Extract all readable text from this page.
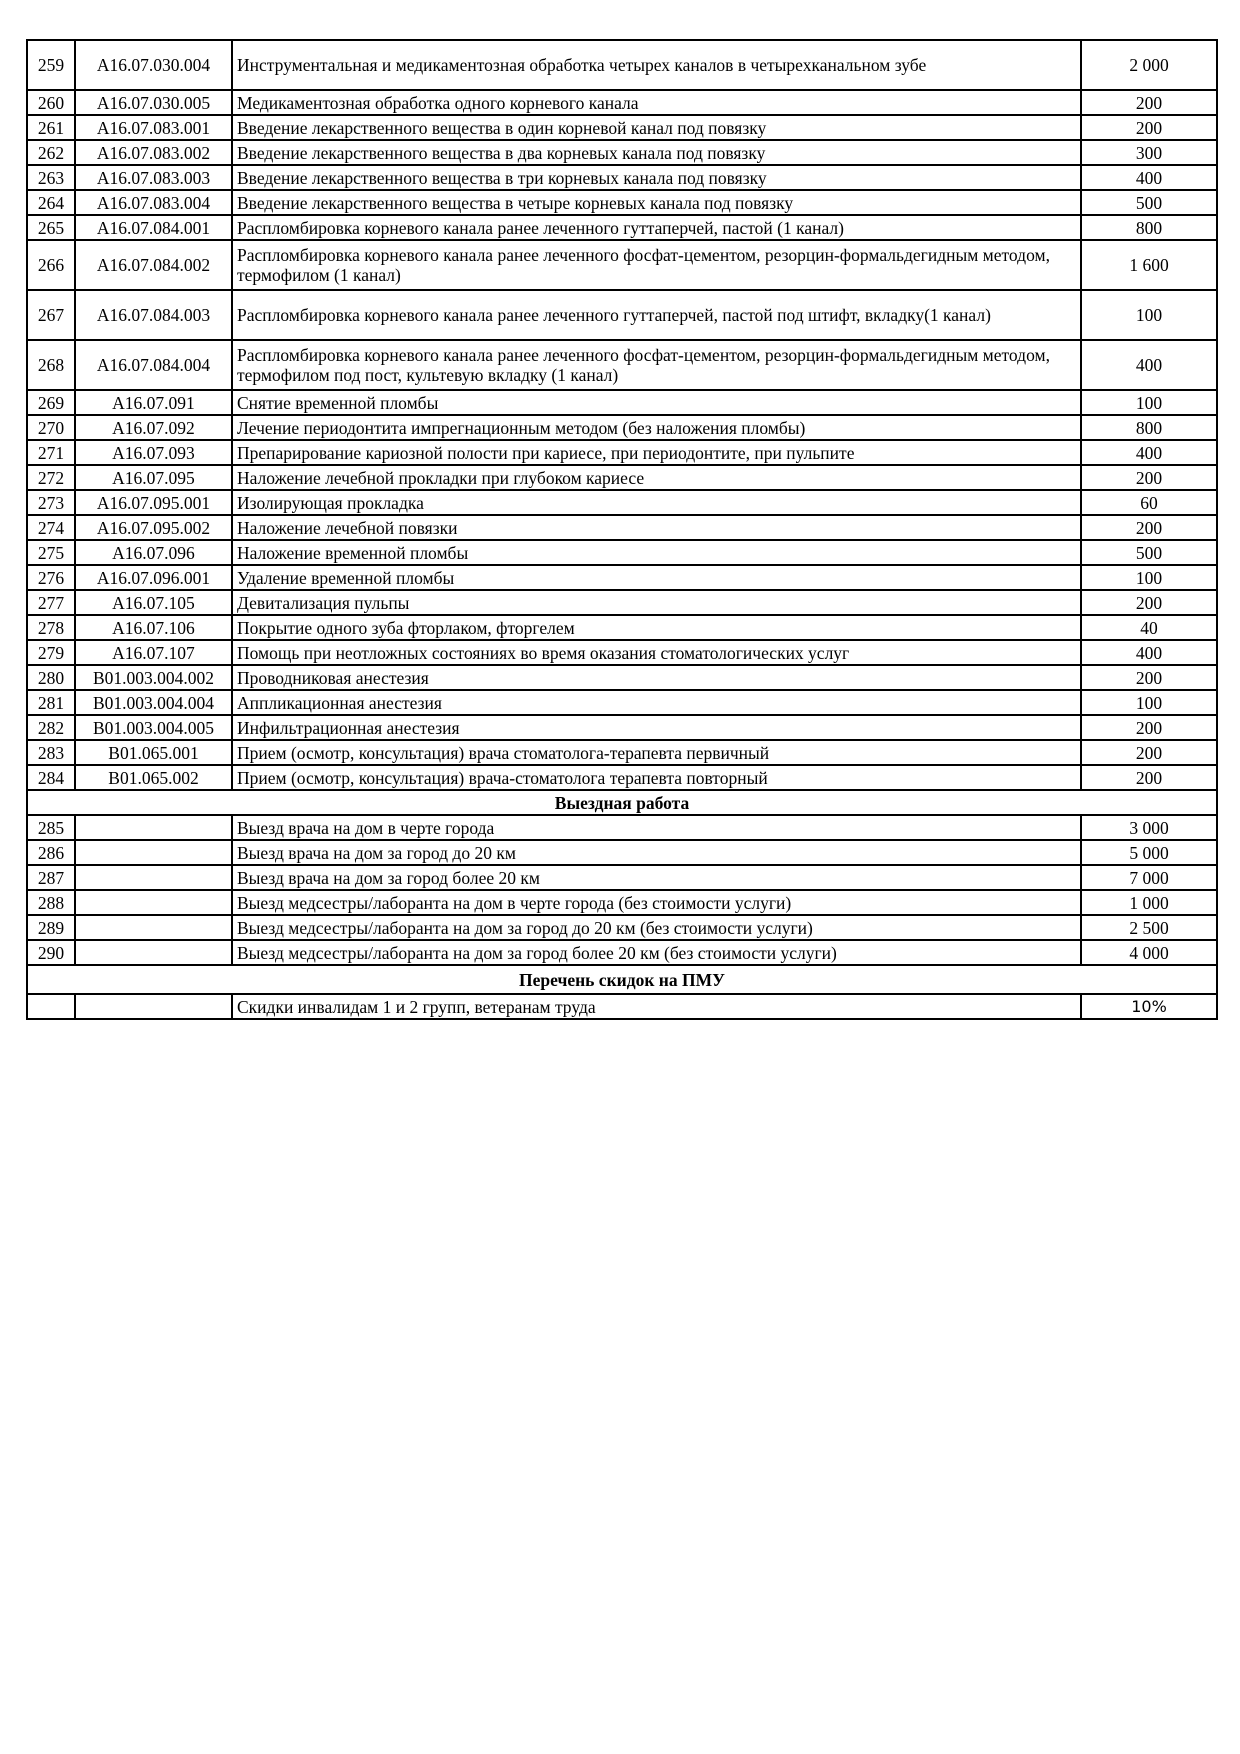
259	A16.07.030.004	Инструментальная и медикаментозная обработка четырех каналов в четырехканальном зубе	2 000
260	A16.07.030.005	Медикаментозная обработка одного корневого канала	200
261	A16.07.083.001	Введение лекарственного вещества в один корневой канал под повязку	200
262	A16.07.083.002	Введение лекарственного вещества в два корневых канала под повязку	300
263	A16.07.083.003	Введение лекарственного вещества в три корневых канала под повязку	400
264	A16.07.083.004	Введение лекарственного вещества в четыре корневых канала под повязку	500
265	A16.07.084.001	Распломбировка корневого канала ранее леченного гуттаперчей, пастой (1 канал)	800
266	A16.07.084.002	Распломбировка корневого канала ранее леченного фосфат-цементом, резорцин-формальдегидным методом, термофилом (1 канал)	1 600
267	A16.07.084.003	Распломбировка корневого канала ранее леченного гуттаперчей, пастой под штифт, вкладку(1 канал)	100
268	A16.07.084.004	Распломбировка корневого канала ранее леченного фосфат-цементом, резорцин-формальдегидным методом, термофилом под пост, культевую вкладку (1 канал)	400
269	A16.07.091	Снятие временной пломбы	100
270	A16.07.092	Лечение периодонтита импрегнационным методом (без наложения пломбы)	800
271	A16.07.093	Препарирование кариозной полости при кариесе, при периодонтите, при пульпите	400
272	A16.07.095	Наложение лечебной прокладки при глубоком кариесе	200
273	A16.07.095.001	Изолирующая прокладка	60
274	A16.07.095.002	Наложение лечебной повязки	200
275	A16.07.096	Наложение временной пломбы	500
276	A16.07.096.001	Удаление временной пломбы	100
277	A16.07.105	Девитализация пульпы	200
278	A16.07.106	Покрытие одного зуба фторлаком, фторгелем	40
279	A16.07.107	Помощь при неотложных состояниях во время оказания стоматологических услуг	400
280	B01.003.004.002	Проводниковая анестезия	200
281	B01.003.004.004	Аппликационная анестезия	100
282	B01.003.004.005	Инфильтрационная анестезия	200
283	B01.065.001	Прием (осмотр, консультация) врача стоматолога-терапевта первичный	200
284	B01.065.002	Прием (осмотр, консультация) врача-стоматолога терапевта повторный	200
Выездная работа			
285		Выезд врача на дом в черте города	3 000
286		Выезд врача на дом за город до 20 км	5 000
287		Выезд врача на дом за город более 20 км	7 000
288		Выезд медсестры/лаборанта на дом в черте города (без стоимости услуги)	1 000
289		Выезд медсестры/лаборанта на дом за город до 20 км (без стоимости услуги)	2 500
290		Выезд медсестры/лаборанта на дом за город более 20 км (без стоимости услуги)	4 000
Перечень скидок на ПМУ			
		Скидки инвалидам 1 и 2 групп, ветеранам труда	10%
